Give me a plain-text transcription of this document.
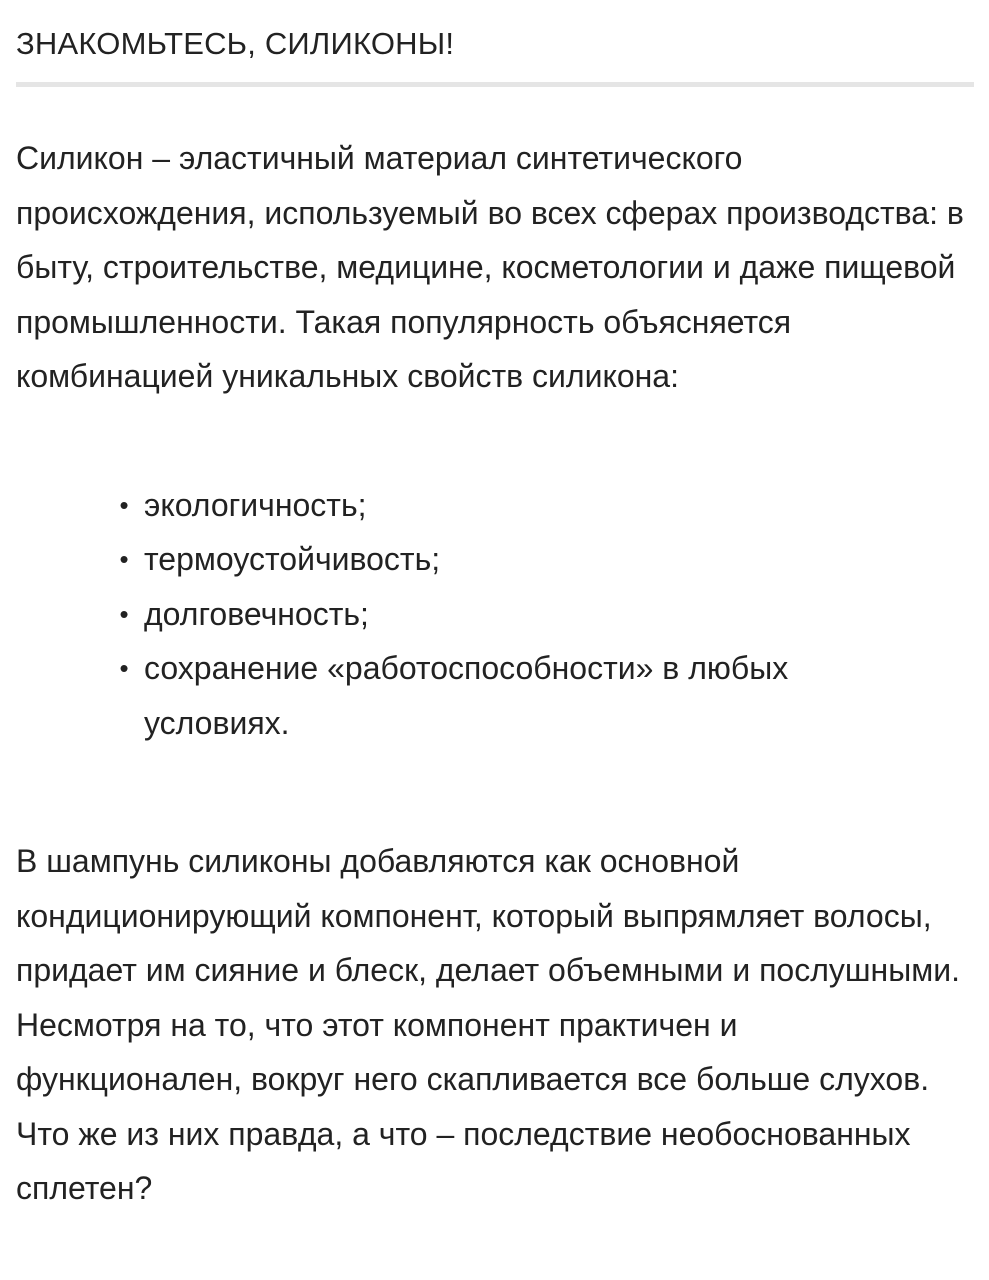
ЗНАКОМЬТЕСЬ, СИЛИКОНЫ!

Силикон – эластичный материал синтетического происхождения, используемый во всех сферах производства: в быту, строительстве, медицине, косметологии и даже пищевой промышленности. Такая популярность объясняется комбинацией уникальных свойств силикона:

• экологичность;
• термоустойчивость;
• долговечность;
• сохранение «работоспособности» в любых условиях.

В шампунь силиконы добавляются как основной кондиционирующий компонент, который выпрямляет волосы, придает им сияние и блеск, делает объемными и послушными. Несмотря на то, что этот компонент практичен и функционален, вокруг него скапливается все больше слухов. Что же из них правда, а что – последствие необоснованных сплетен?
